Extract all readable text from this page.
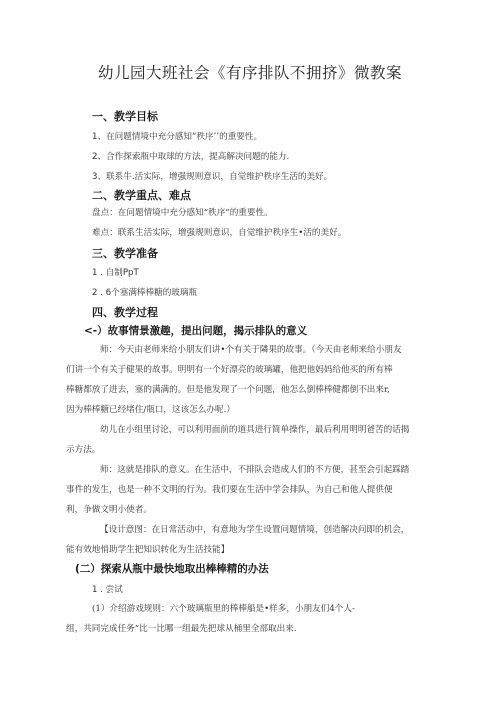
幼儿园大班社会《有序排队不拥挤》微教案
一、教学目标
1、在问题情境中充分感知“秩序’’的重要性。
2、合作探索瓶中取球的方法，提高解决问题的能力.
3、联系牛.活实际，增强规则意识，自觉维护秩序生活的美好。
二、教学重点、难点
盘点：在问题情境中充分感知“秩序”的重要性。
难点：联系生活实际，增强规则意识，自觉维护秩序生•活的美好。
三、教学准备
1 . 自制PpT
2 . 6个塞满棒棒糖的玻璃瓶
四、教学过程
<-）故事情景激趣，提出问题，揭示排队的意义
师：今天由老师来给小朋友们讲•个有关于隣果的故事。（今天由老师来给小朋友
们讲一个有关于健果的故事。明明有一个好漂亮的玻璃罐，他把他妈妈给他买的所有棒
棒糖都放了进去，塞的满满的。但是他发现了一个问题，他怎么倒棒棒健都倒不出来r,
因为棒棒糖已经堵住/瓶口，这该怎么办呢.）
幼儿在小组里讨论，可以利用面前的道具进行简单操作，最后利用明明爸苦的话揭
示方法。
师：这就是排队的意义。在生活中，不排队会造成人们的不方便，甚至会引起踩踏
事件的发生，也是一种不文明的行为。我们要在生活中学会排队，为自己和他人提供便
利，争做文明小使者。
【设计意图：在日常活动中，有意地为学生设置问题情境，创造解决问即的机会，
能有效地悄助学生把知识转化为生活技能】
(二）探索从瓶中最快地取出棒棒精的办法
1 . 尝试
(1）介绍游戏规则：六个玻璃瓶里的棒棒船是•样多，小朋友们4个人-
组，共同完成任务“比一比哪一组最先把球从桶里全部取出来.
